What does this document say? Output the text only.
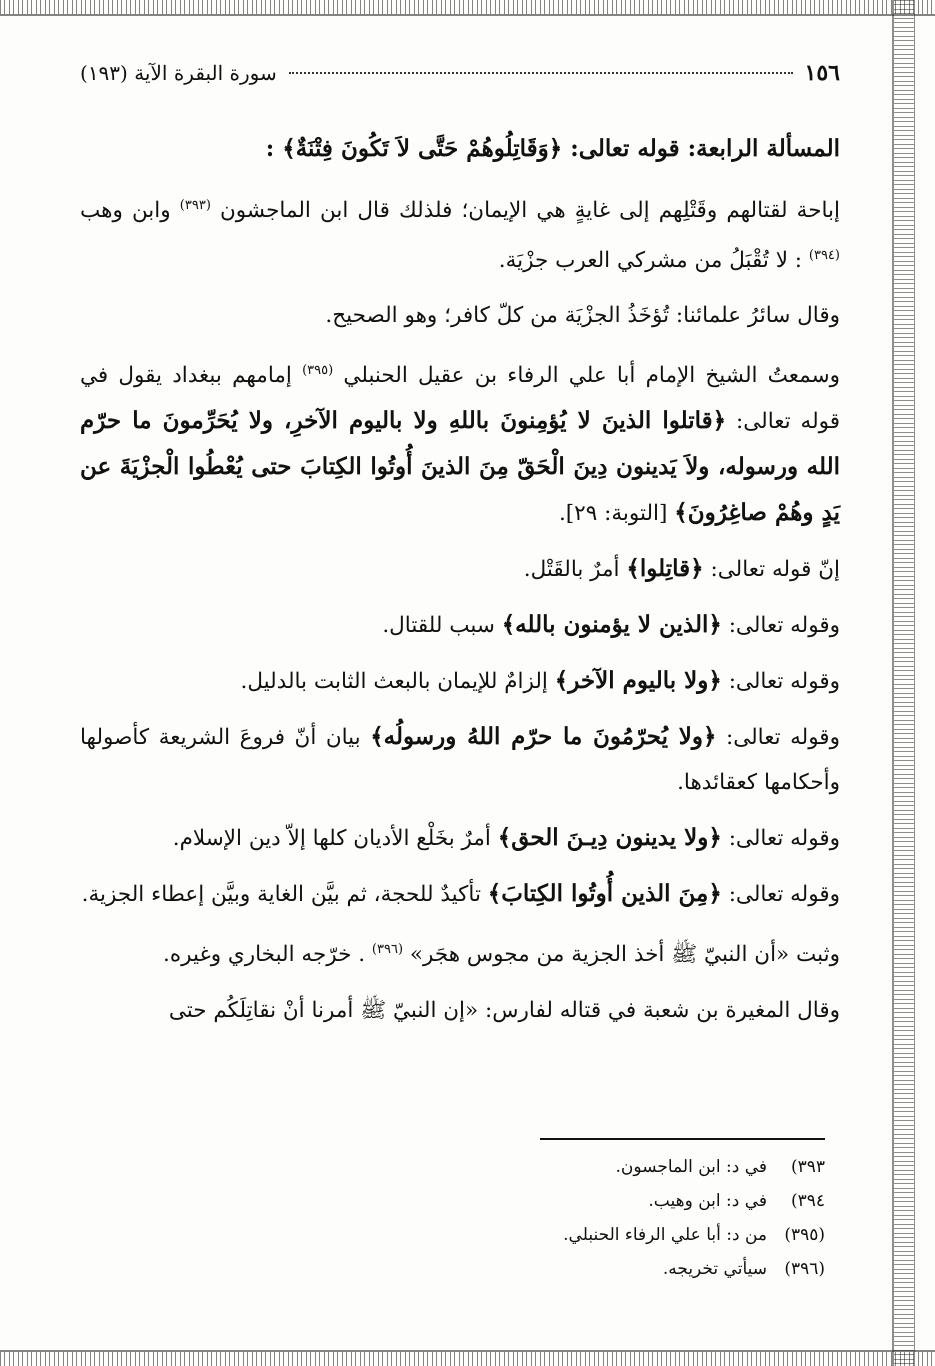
١٥٦
سورة البقرة الآية (١٩٣)

المسألة الرابعة: قوله تعالى: ﴿وَقَاتِلُوهُمْ حَتَّى لاَ تَكُونَ فِتْنَةٌ﴾ :

إباحة لقتالهم وقَتْلِهم إلى غايةٍ هي الإيمان؛ فلذلك قال ابن الماجشون $^{(٣٩٣)}$ وابن وهب $^{(٣٩٤)}$ : لا تُقْبَلُ من مشركي العرب جزْيَة.

وقال سائرُ علمائنا: تُؤخَذُ الجزْيَة من كلّ كافر؛ وهو الصحيح.

وسمعتُ الشيخ الإمام أبا علي الرفاء بن عقيل الحنبلي $^{(٣٩٥)}$ إمامهم ببغداد يقول في قوله تعالى: ﴿قاتلوا الذينَ لا يُؤمِنونَ باللهِ ولا باليوم الآخرِ، ولا يُحَرِّمونَ ما حرّم الله ورسوله، ولاَ يَدينون دِينَ الْحَقّ مِنَ الذينَ أُوتُوا الكِتابَ حتى يُعْطُوا الْجزْيَةَ عن يَدٍ وهُمْ صاغِرُونَ﴾ [التوبة: ٢٩].

إنّ قوله تعالى: ﴿قاتِلوا﴾ أمرٌ بالقَتْل.

وقوله تعالى: ﴿الذين لا يؤمنون بالله﴾ سبب للقتال.

وقوله تعالى: ﴿ولا باليوم الآخر﴾ إلزامٌ للإيمان بالبعث الثابت بالدليل.

وقوله تعالى: ﴿ولا يُحرّمُونَ ما حرّم اللهُ ورسولُه﴾ بيان أنّ فروعَ الشريعة كأصولها وأحكامها كعقائدها.

وقوله تعالى: ﴿ولا يدينون دِيـنَ الحق﴾ أمرٌ بخَلْع الأديان كلها إلاّ دين الإسلام.

وقوله تعالى: ﴿مِنَ الذين أُوتُوا الكِتابَ﴾ تأكيدٌ للحجة، ثم بيَّن الغاية وبيَّن إعطاء الجزية.

وثبت «أن النبيّ ﷺ أخذ الجزية من مجوس هجَر» $^{(٣٩٦)}$ . خرّجه البخاري وغيره.

وقال المغيرة بن شعبة في قتاله لفارس: «إن النبيّ ﷺ أمرنا أنْ نقاتِلَكُم حتى

٣٩٣)في د: ابن الماجسون.
٣٩٤)في د: ابن وهيب.
(٣٩٥)من د: أبا علي الرفاء الحنبلي.
(٣٩٦)سيأتي تخريجه.
